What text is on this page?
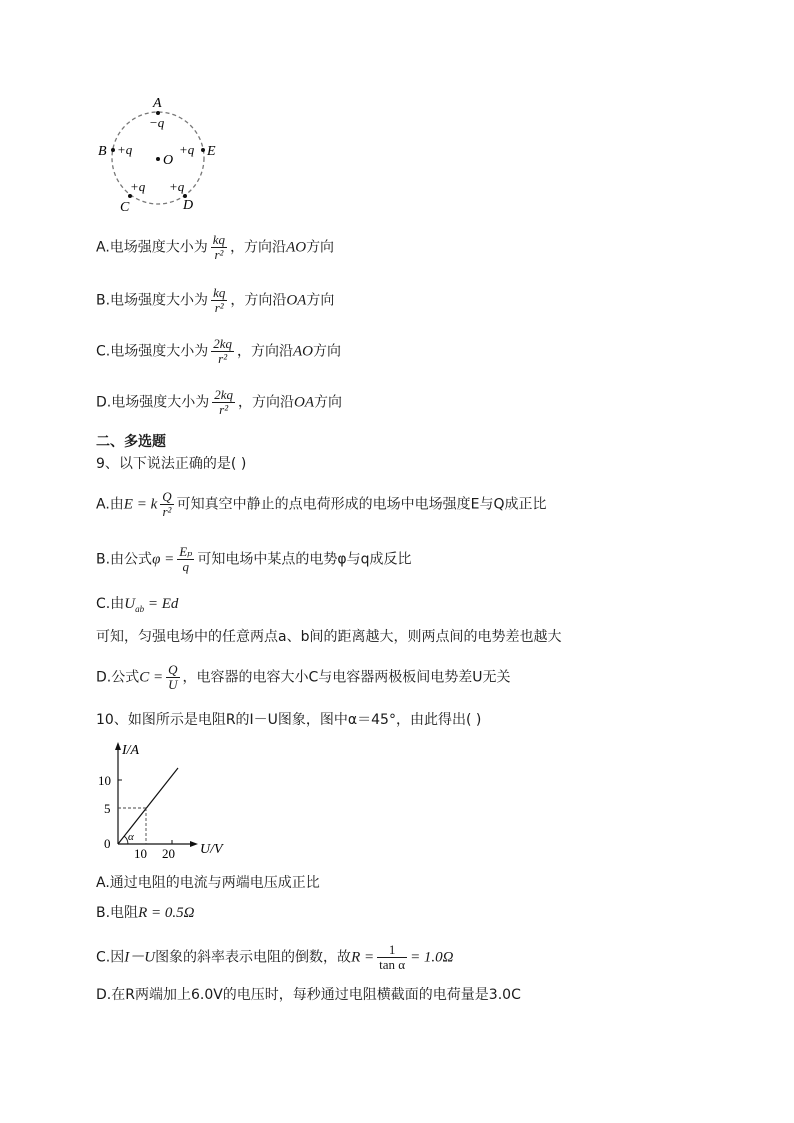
A
−q
B +q
O
+q E
+q +q
C	D
A.电场强度大小为 $\frac{kq}{\text{r²}}$ ，方向沿AO方向
B.电场强度大小为 $\frac{kq}{\text{r²}}$ ，方向沿OA方向
C.电场强度大小为 $\frac{2kq}{\text{r²}}$ ，方向沿AO方向
D.电场强度大小为 $\frac{2kq}{\text{r²}}$ ，方向沿OA方向
二、多选题
9、以下说法正确的是( )
A.由E = k $\frac{Q}{\text{r²}}$ 可知真空中静止的点电荷形成的电场中电场强度E与Q成正比
B.由公式$\varphi = \frac{\text{Eₚ}}{q}$ 可知电场中某点的电势φ与q成反比
C.由$U_{ab} = Ed$
可知，匀强电场中的任意两点a、b间的距离越大，则两点间的电势差也越大
D.公式$C = \frac{Q}{U}$ ，电容器的电容大小C与电容器两极板间电势差U无关
10、如图所示是电阻R的I－U图象，图中α＝45°，由此得出( )
I/A
10
5
0
10 20 U/V
α
A.通过电阻的电流与两端电压成正比
B.电阻R = 0.5Ω
C.因I－U图象的斜率表示电阻的倒数，故$R = \frac{1}{\text{tan α}} = 1.0\Omega$
D.在R两端加上6.0V的电压时，每秒通过电阻横截面的电荷量是3.0C
